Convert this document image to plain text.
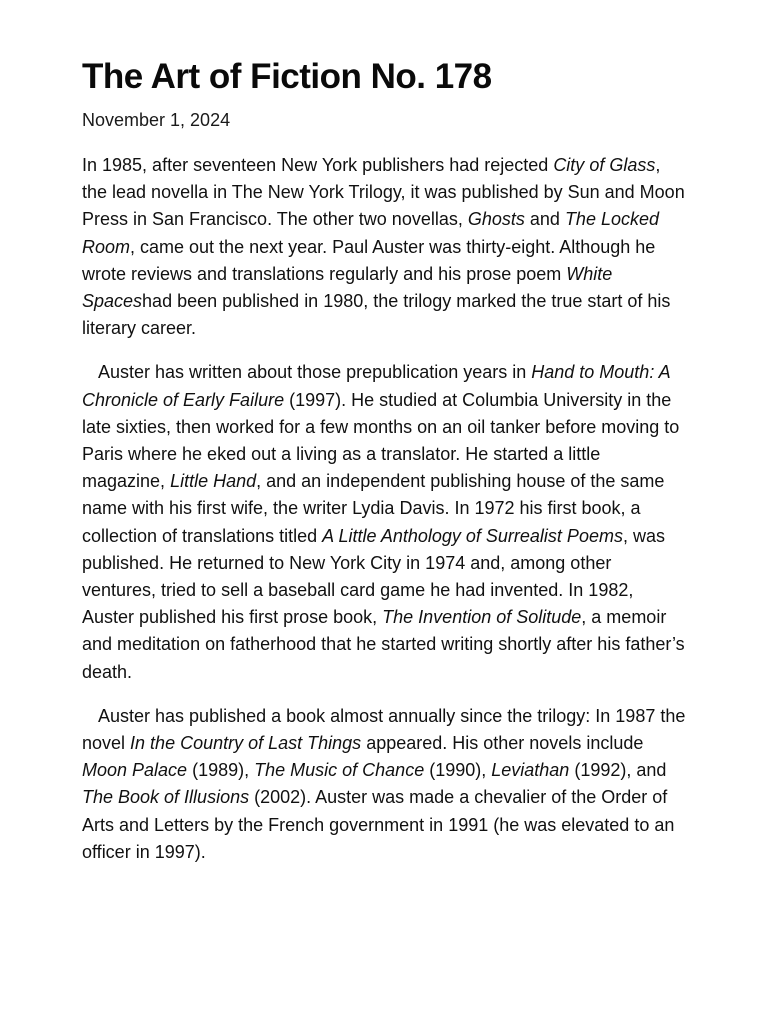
The Art of Fiction No. 178
November 1, 2024

In 1985, after seventeen New York publishers had rejected City of Glass, the lead novella in The New York Trilogy, it was published by Sun and Moon Press in San Francisco. The other two novellas, Ghosts and The Locked Room, came out the next year. Paul Auster was thirty-eight. Although he wrote reviews and translations regularly and his prose poem White Spaceshad been published in 1980, the trilogy marked the true start of his literary career.

Auster has written about those prepublication years in Hand to Mouth: A Chronicle of Early Failure (1997). He studied at Columbia University in the late sixties, then worked for a few months on an oil tanker before moving to Paris where he eked out a living as a translator. He started a little magazine, Little Hand, and an independent publishing house of the same name with his first wife, the writer Lydia Davis. In 1972 his first book, a collection of translations titled A Little Anthology of Surrealist Poems, was published. He returned to New York City in 1974 and, among other ventures, tried to sell a baseball card game he had invented. In 1982, Auster published his first prose book, The Invention of Solitude, a memoir and meditation on fatherhood that he started writing shortly after his father’s death.

Auster has published a book almost annually since the trilogy: In 1987 the novel In the Country of Last Things appeared. His other novels include Moon Palace (1989), The Music of Chance (1990), Leviathan (1992), and The Book of Illusions (2002). Auster was made a chevalier of the Order of Arts and Letters by the French government in 1991 (he was elevated to an officer in 1997).
